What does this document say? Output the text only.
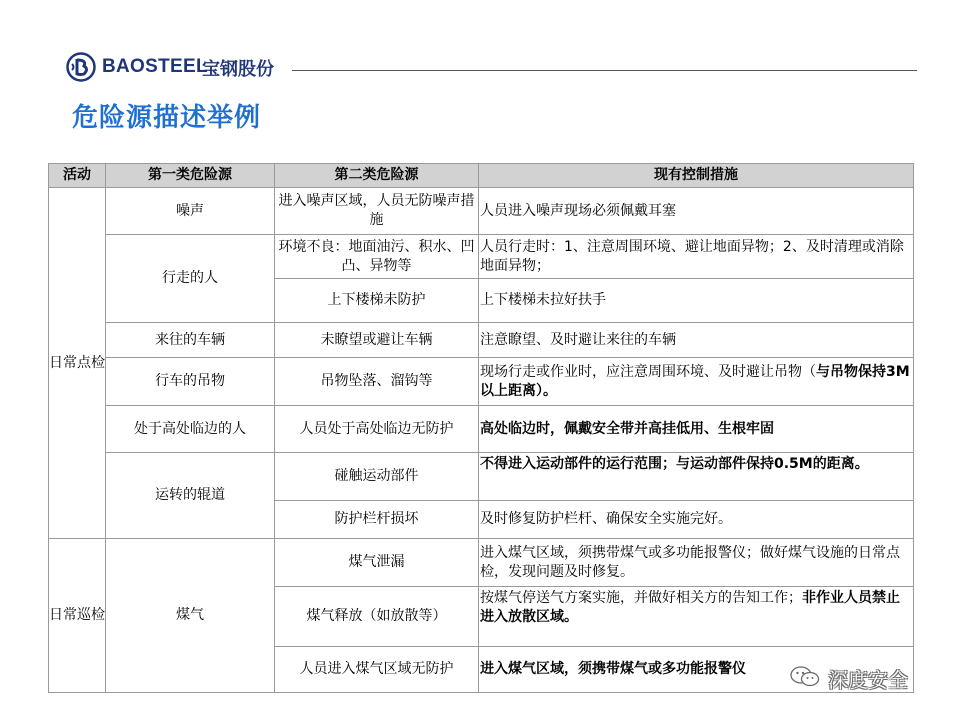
BAOSTEEL
宝钢股份
危险源描述举例
活动	第一类危险源	第二类危险源	现有控制措施
日常点检	噪声	进入噪声区域，人员无防噪声措施	人员进入噪声现场必须佩戴耳塞
	行走的人	环境不良：地面油污、积水、凹凸、异物等	人员行走时：1、注意周围环境、避让地面异物；2、及时清理或消除地面异物；
		上下楼梯未防护	上下楼梯未拉好扶手
	来往的车辆	未瞭望或避让车辆	注意瞭望、及时避让来往的车辆
	行车的吊物	吊物坠落、溜钩等	现场行走或作业时，应注意周围环境、及时避让吊物（与吊物保持3M以上距离）。
	处于高处临边的人	人员处于高处临边无防护	高处临边时，佩戴安全带并高挂低用、生根牢固
	运转的辊道	碰触运动部件	不得进入运动部件的运行范围；与运动部件保持0.5M的距离。
		防护栏杆损坏	及时修复防护栏杆、确保安全实施完好。
日常巡检	煤气	煤气泄漏	进入煤气区域，须携带煤气或多功能报警仪；做好煤气设施的日常点检，发现问题及时修复。
		煤气释放（如放散等）	按煤气停送气方案实施，并做好相关方的告知工作；非作业人员禁止进入放散区域。
		人员进入煤气区域无防护	进入煤气区域，须携带煤气或多功能报警仪	深度安全
